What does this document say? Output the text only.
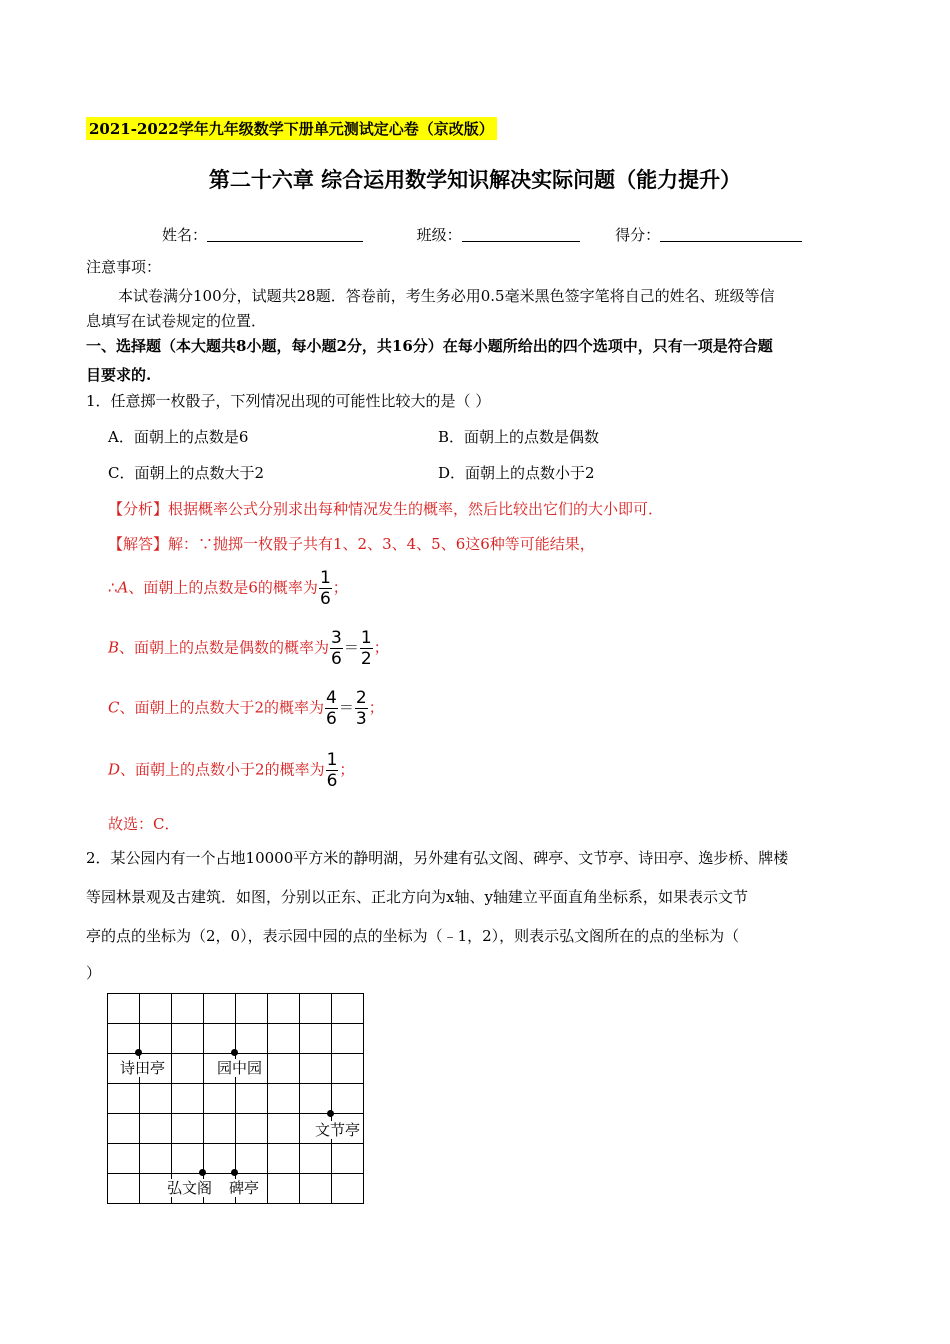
2021-2022学年九年级数学下册单元测试定心卷（京改版）
第二十六章 综合运用数学知识解决实际问题（能力提升）
姓名：	班级：	得分：
注意事项：
本试卷满分100分，试题共28题．答卷前，考生务必用0.5毫米黑色签字笔将自己的姓名、班级等信
息填写在试卷规定的位置．
一、选择题（本大题共8小题，每小题2分，共16分）在每小题所给出的四个选项中，只有一项是符合题
目要求的.
1．任意掷一枚骰子，下列情况出现的可能性比较大的是（ ）
A．面朝上的点数是6	B．面朝上的点数是偶数
C．面朝上的点数大于2	D．面朝上的点数小于2
【分析】根据概率公式分别求出每种情况发生的概率，然后比较出它们的大小即可．
【解答】解：∵抛掷一枚骰子共有1、2、3、4、5、6这6种等可能结果，
∴A、面朝上的点数是6的概率为 $\frac{1}{6}$ ；
B、面朝上的点数是偶数的概率为 $\frac{3}{6} = \frac{1}{2}$ ；
C、面朝上的点数大于2的概率为 $\frac{4}{6} = \frac{2}{3}$ ；
D、面朝上的点数小于2的概率为 $\frac{1}{6}$ ；
故选：C．
2．某公园内有一个占地10000平方米的静明湖，另外建有弘文阁、碑亭、文节亭、诗田亭、逸步桥、牌楼
等园林景观及古建筑．如图，分别以正东、正北方向为x轴、y轴建立平面直角坐标系，如果表示文节
亭的点的坐标为（2，0），表示园中园的点的坐标为（﹣1，2），则表示弘文阁所在的点的坐标为（
）
诗田亭	园中园
文节亭
弘文阁 碑亭
